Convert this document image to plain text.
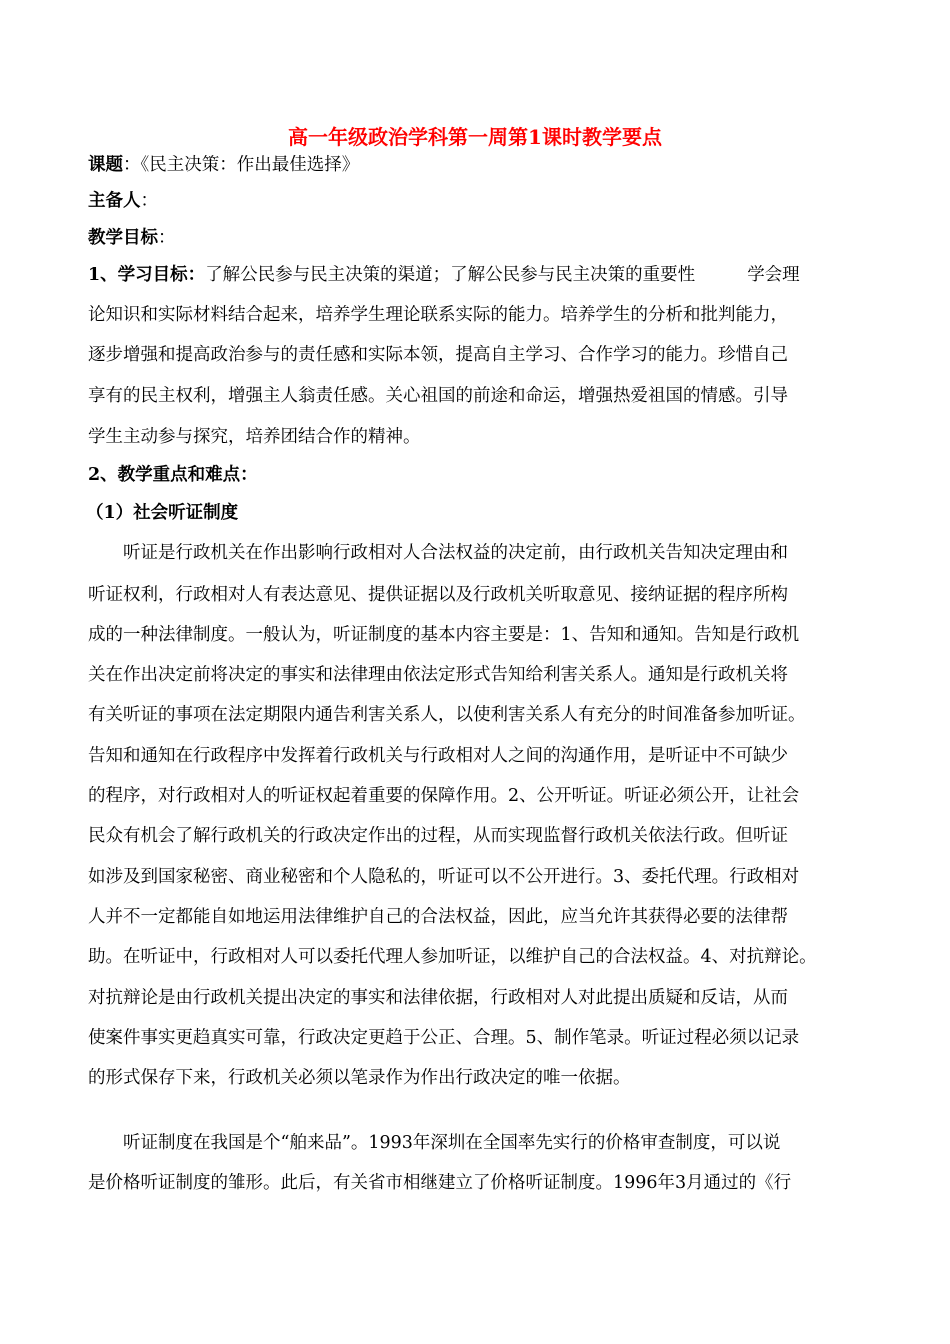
高一年级政治学科第一周第1课时教学要点
课题：《民主决策：作出最佳选择》
主备人：
教学目标：
1、学习目标：了解公民参与民主决策的渠道；了解公民参与民主决策的重要性	学会理
论知识和实际材料结合起来，培养学生理论联系实际的能力。培养学生的分析和批判能力，
逐步增强和提高政治参与的责任感和实际本领，提高自主学习、合作学习的能力。珍惜自己
享有的民主权利，增强主人翁责任感。关心祖国的前途和命运，增强热爱祖国的情感。引导
学生主动参与探究，培养团结合作的精神。
2、教学重点和难点：
（1）社会听证制度
听证是行政机关在作出影响行政相对人合法权益的决定前，由行政机关告知决定理由和
听证权利，行政相对人有表达意见、提供证据以及行政机关听取意见、接纳证据的程序所构
成的一种法律制度。一般认为，听证制度的基本内容主要是：1、告知和通知。告知是行政机
关在作出决定前将决定的事实和法律理由依法定形式告知给利害关系人。通知是行政机关将
有关听证的事项在法定期限内通告利害关系人，以使利害关系人有充分的时间准备参加听证。
告知和通知在行政程序中发挥着行政机关与行政相对人之间的沟通作用，是听证中不可缺少
的程序，对行政相对人的听证权起着重要的保障作用。2、公开听证。听证必须公开，让社会
民众有机会了解行政机关的行政决定作出的过程，从而实现监督行政机关依法行政。但听证
如涉及到国家秘密、商业秘密和个人隐私的，听证可以不公开进行。3、委托代理。行政相对
人并不一定都能自如地运用法律维护自己的合法权益，因此，应当允许其获得必要的法律帮
助。在听证中，行政相对人可以委托代理人参加听证，以维护自己的合法权益。4、对抗辩论。
对抗辩论是由行政机关提出决定的事实和法律依据，行政相对人对此提出质疑和反诘，从而
使案件事实更趋真实可靠，行政决定更趋于公正、合理。5、制作笔录。听证过程必须以记录
的形式保存下来，行政机关必须以笔录作为作出行政决定的唯一依据。
听证制度在我国是个“舶来品”。1993年深圳在全国率先实行的价格审查制度，可以说
是价格听证制度的雏形。此后，有关省市相继建立了价格听证制度。1996年3月通过的《行
